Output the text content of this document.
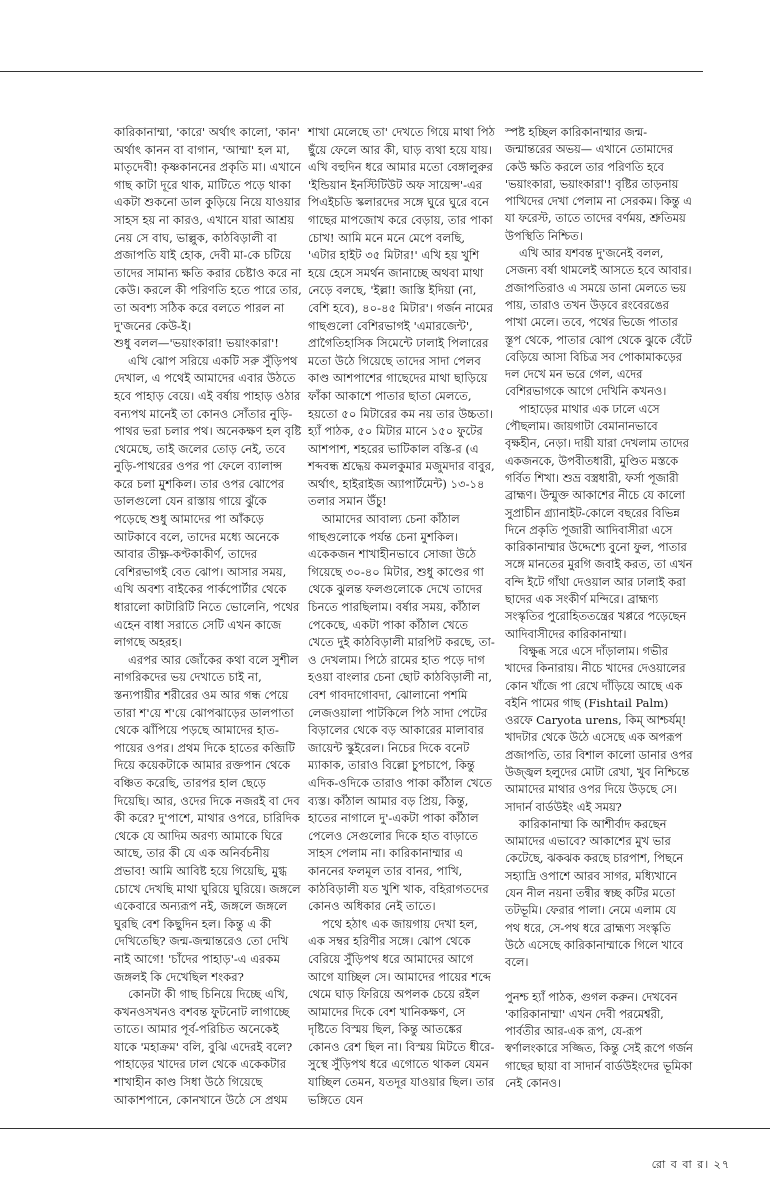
কারিকানাম্মা, 'কারে' অর্থাৎ কালো, 'কান' অর্থাৎ কানন বা বাগান, 'আম্মা' হল মা, মাতৃদেবী! কৃষ্ণকাননের প্রকৃতি মা। এখানে গাছ কাটা দূরে থাক, মাটিতে পড়ে থাকা একটা শুকনো ডাল কুড়িয়ে নিয়ে যাওয়ার সাহস হয় না কারও, এখানে যারা আশ্রয় নেয় সে বাঘ, ভাল্লুক, কাঠবিড়ালী বা প্রজাপতি যাই হোক, দেবী মা-কে চটিয়ে তাদের সামান্য ক্ষতি করার চেষ্টাও করে না কেউ। করলে কী পরিণতি হতে পারে তার, তা অবশ্য সঠিক করে বলতে পারল না দু'জনের কেউ-ই।

শুধু বলল—'ভয়াংকারা! ভয়াংকারা'!

এখি ঝোপ সরিয়ে একটি সরু সুঁড়িপথ দেখাল, এ পথেই আমাদের এবার উঠতে হবে পাহাড় বেয়ে। এই বর্ষায় পাহাড় ওঠার বন্যপথ মানেই তা কোনও সোঁতার নুড়ি-পাথর ভরা চলার পথ। অনেকক্ষণ হল বৃষ্টি থেমেছে, তাই জলের তোড় নেই, তবে নুড়ি-পাথরের ওপর পা ফেলে ব্যালান্স করে চলা মুশকিল। তার ওপর ঝোপের ডালগুলো যেন রাস্তায় গায়ে ঝুঁকে পড়েছে শুধু আমাদের পা আঁকড়ে আটকাবে বলে, তাদের মধ্যে অনেকে আবার তীক্ষ্ণ-কণ্টকাকীর্ণ, তাদের বেশিরভাগই বেত ঝোপ। আসার সময়, এখি অবশ্য বাইকের পার্কপোর্টার থেকে ধারালো কাটারিটি নিতে ভোলেনি, পথের এহেন বাধা সরাতে সেটি এখন কাজে লাগছে অহরহ।

এরপর আর জোঁকের কথা বলে সুশীল নাগরিকদের ভয় দেখাতে চাই না, স্তন্যপায়ীর শরীরের ওম আর গন্ধ পেয়ে তারা শ'য়ে শ'য়ে ঝোপঝাড়ের ডালপাতা থেকে ঝাঁপিয়ে পড়ছে আমাদের হাত-পায়ের ওপর। প্রথম দিকে হাতের কব্জিটি দিয়ে কয়েকটাকে আমার রক্তপান থেকে বঞ্চিত করেছি, তারপর হাল ছেড়ে দিয়েছি। আর, ওদের দিকে নজরই বা দেব কী করে? দু'পাশে, মাথার ওপরে, চারিদিক থেকে যে আদিম অরণ্য আমাকে ঘিরে আছে, তার কী যে এক অনির্বচনীয় প্রভাব! আমি আবিষ্ট হয়ে গিয়েছি, মুগ্ধ চোখে দেখছি মাথা ঘুরিয়ে ঘুরিয়ে। জঙ্গলে একেবারে অন্যরূপ নই, জঙ্গলে জঙ্গলে ঘুরছি বেশ কিছুদিন হল। কিন্তু এ কী দেখিতেছি? জন্ম-জন্মান্তরেও তো দেখি নাই আগে! 'চাঁদের পাহাড়'-এ এরকম জঙ্গলই কি দেখেছিল শংকর?

কোনটা কী গাছ চিনিয়ে দিচ্ছে এখি, কখনওসখনও বশবন্ত ফুটনোট লাগাচ্ছে তাতে। আমার পূর্ব-পরিচিত অনেকেই যাকে 'মহাক্রম' বলি, বুঝি এদেরই বলে? পাহাড়ের খাদের ঢাল থেকে একেকটার শাখাহীন কাণ্ড সিধা উঠে গিয়েছে আকাশপানে, কোনখানে উঠে সে প্রথম

শাখা মেলেছে তা' দেখতে গিয়ে মাথা পিঠ ছুঁয়ে ফেলে আর কী, ঘাড় ব্যথা হয়ে যায়। এখি বহুদিন ধরে আমার মতো বেঙ্গালুরুর 'ইন্ডিয়ান ইনস্টিটিউট অফ সায়েন্স'-এর পিএইচডি স্কলারদের সঙ্গে ঘুরে ঘুরে বনে গাছের মাপজোখ করে বেড়ায়, তার পাকা চোখ! আমি মনে মনে মেপে বলছি, 'এটার হাইট ৩৫ মিটার!' এখি হয় খুশি হয়ে হেসে সমর্থন জানাচ্ছে অথবা মাথা নেড়ে বলছে, 'ইল্লা! জাস্তি ইদিয়া (না, বেশি হবে), ৪০-৪৫ মিটার'। গর্জন নামের গাছগুলো বেশিরভাগই 'এমারজেন্ট', প্রাগৈতিহাসিক সিমেন্টে ঢালাই পিলারের মতো উঠে গিয়েছে তাদের সাদা পেলব কাণ্ড আশপাশের গাছেদের মাথা ছাড়িয়ে ফাঁকা আকাশে পাতার ছাতা মেলতে, হয়তো ৫০ মিটারের কম নয় তার উচ্চতা। হ্যাঁ পাঠক, ৫০ মিটার মানে ১৫০ ফুটের আশপাশ, শহরের ভাটিকাল বস্তি-র (এ শব্দবন্ধ শ্রদ্ধেয় কমলকুমার মজুমদার বাবুর, অর্থাৎ, হাইরাইজ অ্যাপার্টমেন্ট) ১৩-১৪ তলার সমান উঁচু!

আমাদের আবাল্য চেনা কাঁঠাল গাছগুলোকে পর্যন্ত চেনা মুশকিল। একেকজন শাখাহীনভাবে সোজা উঠে গিয়েছে ৩০-৪০ মিটার, শুধু কাণ্ডের গা থেকে ঝুলন্ত ফলগুলোকে দেখে তাদের চিনতে পারছিলাম। বর্ষার সময়, কাঁঠাল পেকেছে, একটা পাকা কাঁঠাল খেতে খেতে দুই কাঠবিড়ালী মারপিট করছে, তা-ও দেখলাম। পিঠে রামের হাত পড়ে দাগ হওয়া বাংলার চেনা ছোট কাঠবিড়ালী না, বেশ গাবদাগোবদা, ঝোলানো পশমি লেজওয়ালা পাটকিলে পিঠ সাদা পেটের বিড়ালের থেকে বড় আকারের মালাবার জায়েন্ট স্কুইরেল। নিচের দিকে বনেট ম্যাকাক, তারাও বিল্লো চুপচাপে, কিন্তু এদিক-ওদিকে তারাও পাকা কাঁঠাল খেতে ব্যস্ত। কাঁঠাল আমার বড় প্রিয়, কিন্তু, হাতের নাগালে দু'-একটা পাকা কাঁঠাল পেলেও সেগুলোর দিকে হাত বাড়াতে সাহস পেলাম না। কারিকানাম্মার এ কাননের ফলমূল তার বানর, পাখি, কাঠবিড়ালী যত খুশি খাক, বহিরাগতদের কোনও অধিকার নেই তাতে।

পথে হঠাৎ এক জায়গায় দেখা হল, এক সম্বর হরিণীর সঙ্গে। ঝোপ থেকে বেরিয়ে সুঁড়িপথ ধরে আমাদের আগে আগে যাচ্ছিল সে। আমাদের পায়ের শব্দে থেমে ঘাড় ফিরিয়ে অপলক চেয়ে রইল আমাদের দিকে বেশ খানিকক্ষণ, সে দৃষ্টিতে বিস্ময় ছিল, কিন্তু আতঙ্কের কোনও রেশ ছিল না। বিস্ময় মিটতে ধীরে-সুস্থে সুঁড়িপথ ধরে এগোতে থাকল যেমন যাচ্ছিল তেমন, যতদূর যাওয়ার ছিল। তার ভঙ্গিতে যেন

স্পষ্ট হচ্ছিল কারিকানাম্মার জন্ম-জন্মান্তরের অভয়— এখানে তোমাদের কেউ ক্ষতি করলে তার পরিণতি হবে 'ভয়াংকারা, ভয়াংকারা'! বৃষ্টির তাড়নায় পাখিদের দেখা পেলাম না সেরকম। কিন্তু এ যা ফরেস্ট, তাতে তাদের বর্ণময়, শ্রুতিময় উপস্থিতি নিশ্চিত।

এখি আর যশবন্ত দু'জনেই বলল, সেজন্য বর্ষা থামলেই আসতে হবে আবার। প্রজাপতিরাও এ সময়ে ডানা মেলতে ভয় পায়, তারাও তখন উড়বে রংবেরঙের পাখা মেলে। তবে, পথের ভিজে পাতার স্তূপ থেকে, পাতার ঝোপ থেকে ঝুকে বেঁটে বেড়িয়ে আসা বিচিত্র সব পোকামাকড়ের দল দেখে মন ভরে গেল, এদের বেশিরভাগকে আগে দেখিনি কখনও।

পাহাড়ের মাথার এক ঢালে এসে পৌছলাম। জায়গাটা বেমানানভাবে বৃক্ষহীন, নেড়া। দায়ী যারা দেখলাম তাদের একজনকে, উপবীতধারী, মুণ্ডিত মস্তকে গর্বিত শিখা। শুভ্র বস্ত্রধারী, ফর্সা পূজারী ব্রাহ্মণ। উন্মুক্ত আকাশের নীচে যে কালো সুপ্রাচীন গ্র্যানাইট-কোলে বছরের বিভিন্ন দিনে প্রকৃতি পূজারী আদিবাসীরা এসে কারিকানাম্মার উদ্দেশ্যে বুনো ফুল, পাতার সঙ্গে মানতের মুরগি জবাই করত, তা এখন বন্দি ইটে গাঁথা দেওয়াল আর ঢালাই করা ছাদের এক সংকীর্ণ মন্দিরে। ব্রাহ্মণ্য সংস্কৃতির পুরোহিততন্ত্রের খপ্পরে পড়েছেন আদিবাসীদের কারিকানাম্মা।

বিক্ষুব্ধ সরে এসে দাঁড়ালাম। গভীর খাদের কিনারায়। নীচে খাদের দেওয়ালের কোন খাঁজে পা রেখে দাঁড়িয়ে আছে এক বইনি পামের গাছ (Fishtail Palm) ওরফে Caryota urens, কিম্ আশ্চর্যম্! খাদটার থেকে উঠে এসেছে এক অপরূপ প্রজাপতি, তার বিশাল কালো ডানার ওপর উজ্জ্বল হলুদের মোটা রেখা, খুব নিশ্চিন্তে আমাদের মাথার ওপর দিয়ে উড়ছে সে। সাদার্ন বার্ডউইং এই সময়?

কারিকানাম্মা কি আশীর্বাদ করছেন আমাদের এভাবে? আকাশের মুখ ভার কেটেছে, ঝকঝক করছে চারপাশ, পিছনে সহ্যাদ্রি ওপাশে আরব সাগর, মধ্যিখানে যেন নীল নয়না তন্বীর স্বচ্ছ কটির মতো তটভূমি। ফেরার পালা। নেমে এলাম যে পথ ধরে, সে-পথ ধরে ব্রাহ্মণ্য সংস্কৃতি উঠে এসেছে কারিকানাম্মাকে গিলে খাবে বলে।

পুনশ্চ হ্যাঁ পাঠক, গুগল করুন। দেখবেন 'কারিকানাম্মা' এখন দেবী পরমেশ্বরী, পার্বতীর আর-এক রূপ, যে-রূপ স্বর্ণালংকারে সজ্জিত, কিন্তু সেই রূপে গর্জন গাছের ছায়া বা সাদার্ন বার্ডউইংদের ভূমিকা নেই কোনও।

রো ব বা র। ২৭
